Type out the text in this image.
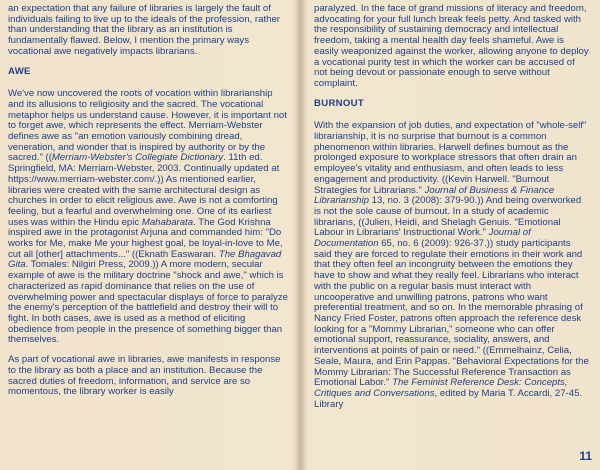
an expectation that any failure of libraries is largely the fault of individuals failing to live up to the ideals of the profession, rather than understanding that the library as an institution is fundamentally flawed. Below, I mention the primary ways vocational awe negatively impacts librarians.

AWE

We've now uncovered the roots of vocation within librarianship and its allusions to religiosity and the sacred. The vocational metaphor helps us understand cause. However, it is important not to forget awe, which represents the effect. Merriam-Webster defines awe as "an emotion variously combining dread, veneration, and wonder that is inspired by authority or by the sacred." ((Merriam-Webster's Collegiate Dictionary. 11th ed. Springfield, MA: Merriam-Webster, 2003. Continually updated at https://www.merriam-webster.com/.)) As mentioned earlier, libraries were created with the same architectural design as churches in order to elicit religious awe. Awe is not a comforting feeling, but a fearful and overwhelming one. One of its earliest uses was within the Hindu epic Mahabarata. The God Krishna inspired awe in the protagonist Arjuna and commanded him: "Do works for Me, make Me your highest goal, be loyal-in-love to Me, cut all [other] attachments..." ((Eknath Easwaran. The Bhagavad Gita. Tomales: Nilgiri Press, 2009.)) A more modern, secular example of awe is the military doctrine "shock and awe," which is characterized as rapid dominance that relies on the use of overwhelming power and spectacular displays of force to paralyze the enemy's perception of the battlefield and destroy their will to fight. In both cases, awe is used as a method of eliciting obedience from people in the presence of something bigger than themselves.

As part of vocational awe in libraries, awe manifests in response to the library as both a place and an institution. Because the sacred duties of freedom, information, and service are so momentous, the library worker is easily

paralyzed. In the face of grand missions of literacy and freedom, advocating for your full lunch break feels petty. And tasked with the responsibility of sustaining democracy and intellectual freedom, taking a mental health day feels shameful. Awe is easily weaponized against the worker, allowing anyone to deploy a vocational purity test in which the worker can be accused of not being devout or passionate enough to serve without complaint.

BURNOUT

With the expansion of job duties, and expectation of "whole-self" librarianship, it is no surprise that burnout is a common phenomenon within libraries. Harwell defines burnout as the prolonged exposure to workplace stressors that often drain an employee's vitality and enthusiasm, and often leads to less engagement and productivity. ((Kevin Harwell. "Burnout Strategies for Librarians." Journal of Business & Finance Librarianship 13, no. 3 (2008): 379-90.)) And being overworked is not the sole cause of burnout. In a study of academic librarians, ((Julien, Heidi, and Shelagh Genuis. "Emotional Labour in Librarians' Instructional Work." Journal of Documentation 65, no. 6 (2009): 926-37.)) study participants said they are forced to regulate their emotions in their work and that they often feel an incongruity between the emotions they have to show and what they really feel. Librarians who interact with the public on a regular basis must interact with uncooperative and unwilling patrons, patrons who want preferential treatment, and so on. In the memorable phrasing of Nancy Fried Foster, patrons often approach the reference desk looking for a "Mommy Librarian," someone who can offer emotional support, reassurance, sociality, answers, and interventions at points of pain or need." ((Emmelhainz, Celia, Seale, Maura, and Erin Pappas. "Behavioral Expectations for the Mommy Librarian: The Successful Reference Transaction as Emotional Labor." The Feminist Reference Desk: Concepts, Critiques and Conversations, edited by Maria T. Accardi, 27-45. Library

11
